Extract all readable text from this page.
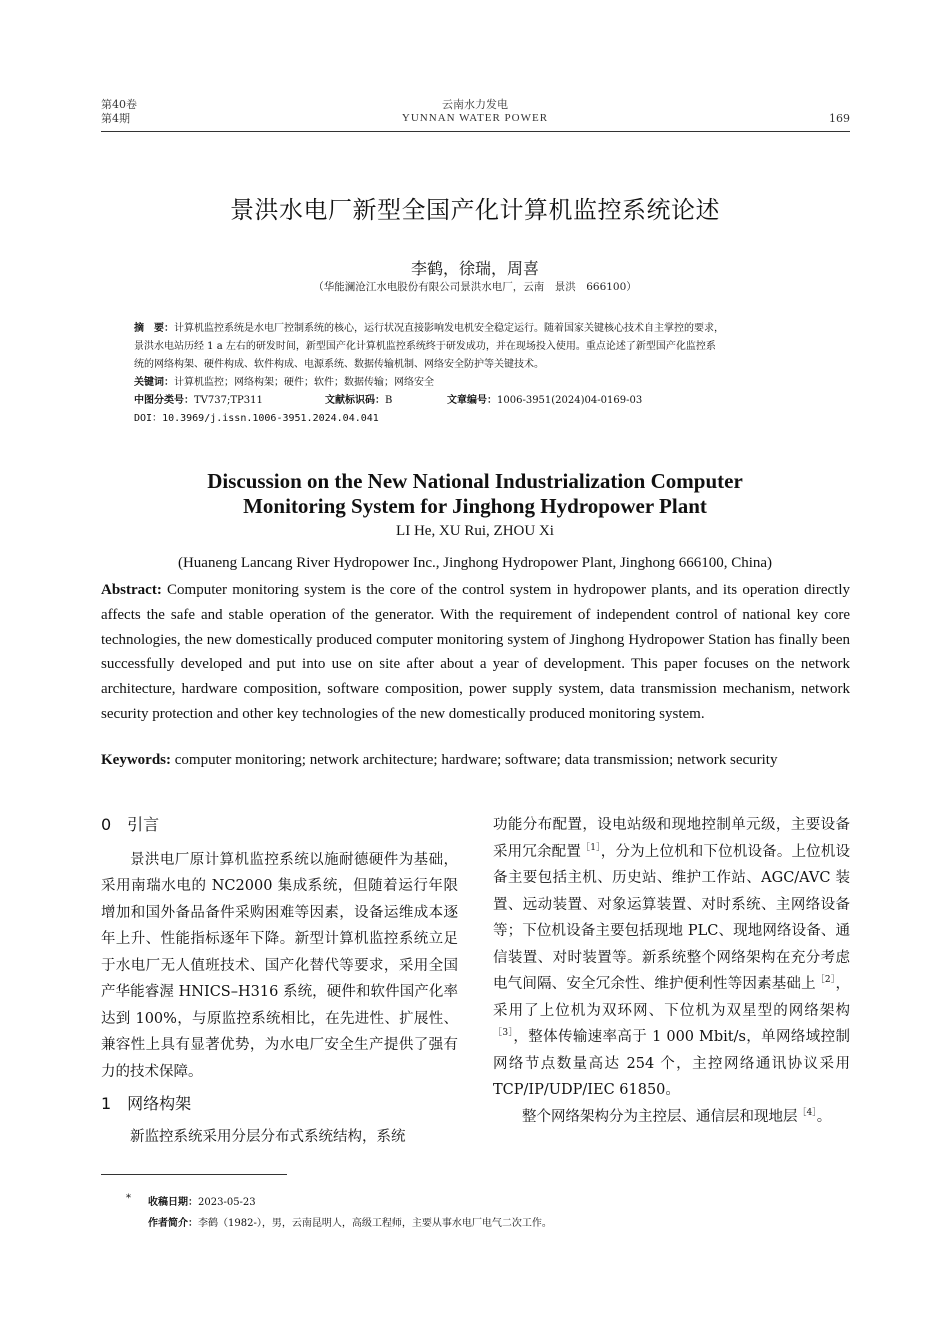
第40卷
第4期
云南水力发电
YUNNAN WATER POWER	169
景洪水电厂新型全国产化计算机监控系统论述
李鹤，徐瑞，周喜
（华能澜沧江水电股份有限公司景洪水电厂，云南　景洪　666100）
摘　要：计算机监控系统是水电厂控制系统的核心，运行状况直接影响发电机安全稳定运行。随着国家关键核心技术自主掌控的要求，
景洪水电站历经 1 a 左右的研发时间，新型国产化计算机监控系统终于研发成功，并在现场投入使用。重点论述了新型国产化监控系
统的网络构架、硬件构成、软件构成、电源系统、数据传输机制、网络安全防护等关键技术。
关键词：计算机监控；网络构架；硬件；软件；数据传输；网络安全
中图分类号：TV737;TP311	文献标识码：B	文章编号：1006-3951(2024)04-0169-03
DOI：10.3969/j.issn.1006-3951.2024.04.041
Discussion on the New National Industrialization Computer
Monitoring System for Jinghong Hydropower Plant
LI He, XU Rui, ZHOU Xi
(Huaneng Lancang River Hydropower Inc., Jinghong Hydropower Plant, Jinghong 666100, China)
Abstract: Computer monitoring system is the core of the control system in hydropower plants, and its operation directly affects the safe and stable operation of the generator. With the requirement of independent control of national key core technologies, the new domestically produced computer monitoring system of Jinghong Hydropower Station has finally been successfully developed and put into use on site after about a year of development. This paper focuses on the network architecture, hardware composition, software composition, power supply system, data transmission mechanism, network security protection and other key technologies of the new domestically produced monitoring system.
Keywords: computer monitoring; network architecture; hardware; software; data transmission; network security

0　引言

景洪电厂原计算机监控系统以施耐德硬件为基础，采用南瑞水电的 NC2000 集成系统，但随着运行年限增加和国外备品备件采购困难等因素，设备运维成本逐年上升、性能指标逐年下降。新型计算机监控系统立足于水电厂无人值班技术、国产化替代等要求，采用全国产华能睿渥 HNICS–H316 系统，硬件和软件国产化率达到 100%，与原监控系统相比，在先进性、扩展性、兼容性上具有显著优势，为水电厂安全生产提供了强有力的技术保障。

1　网络构架

新监控系统采用分层分布式系统结构，系统

功能分布配置，设电站级和现地控制单元级，主要设备采用冗余配置$^{[1]}$，分为上位机和下位机设备。上位机设备主要包括主机、历史站、维护工作站、AGC/AVC 装置、远动装置、对象运算装置、对时系统、主网络设备等；下位机设备主要包括现地 PLC、现地网络设备、通信装置、对时装置等。新系统整个网络架构在充分考虑电气间隔、安全冗余性、维护便利性等因素基础上$^{[2]}$，采用了上位机为双环网、下位机为双星型的网络架构$^{[3]}$，整体传输速率高于 1 000 Mbit/s，单网络域控制网络节点数量高达 254 个，主控网络通讯协议采用 TCP/IP/UDP/IEC 61850。

整个网络架构分为主控层、通信层和现地层$^{[4]}$。

* 收稿日期：2023-05-23
作者简介：李鹤（1982-），男，云南昆明人，高级工程师，主要从事水电厂电气二次工作。
